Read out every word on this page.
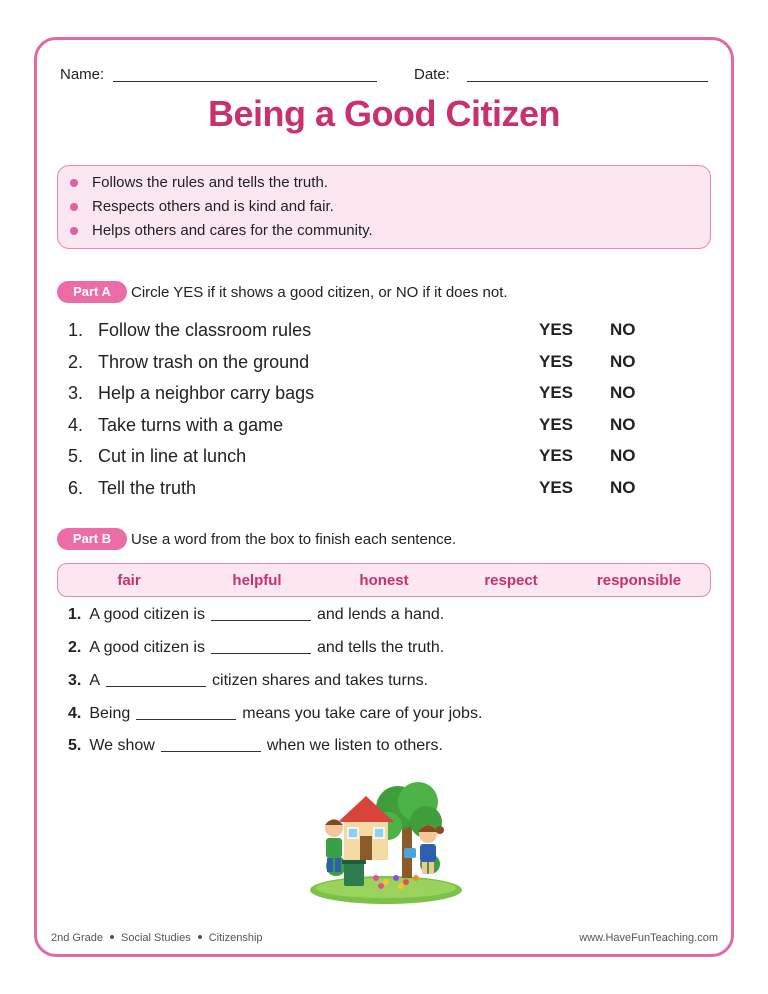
Name:	Date:
Being a Good Citizen
Follows the rules and tells the truth.
Respects others and is kind and fair.
Helps others and cares for the community.
Part A	Circle YES if it shows a good citizen, or NO if it does not.
1. Follow the classroom rules	YES NO
2. Throw trash on the ground	YES NO
3. Help a neighbor carry bags	YES NO
4. Take turns with a game	YES NO
5. Cut in line at lunch	YES NO
6. Tell the truth	YES NO
Part B	Use a word from the box to finish each sentence.
fair	helpful	honest	respect	responsible
1. A good citizen is	and lends a hand.
2. A good citizen is	and tells the truth.
3. A	citizen shares and takes turns.
4. Being	means you take care of your jobs.
5. We show	when we listen to others.
2nd Grade Social Studies Citizenship	www.HaveFunTeaching.com
